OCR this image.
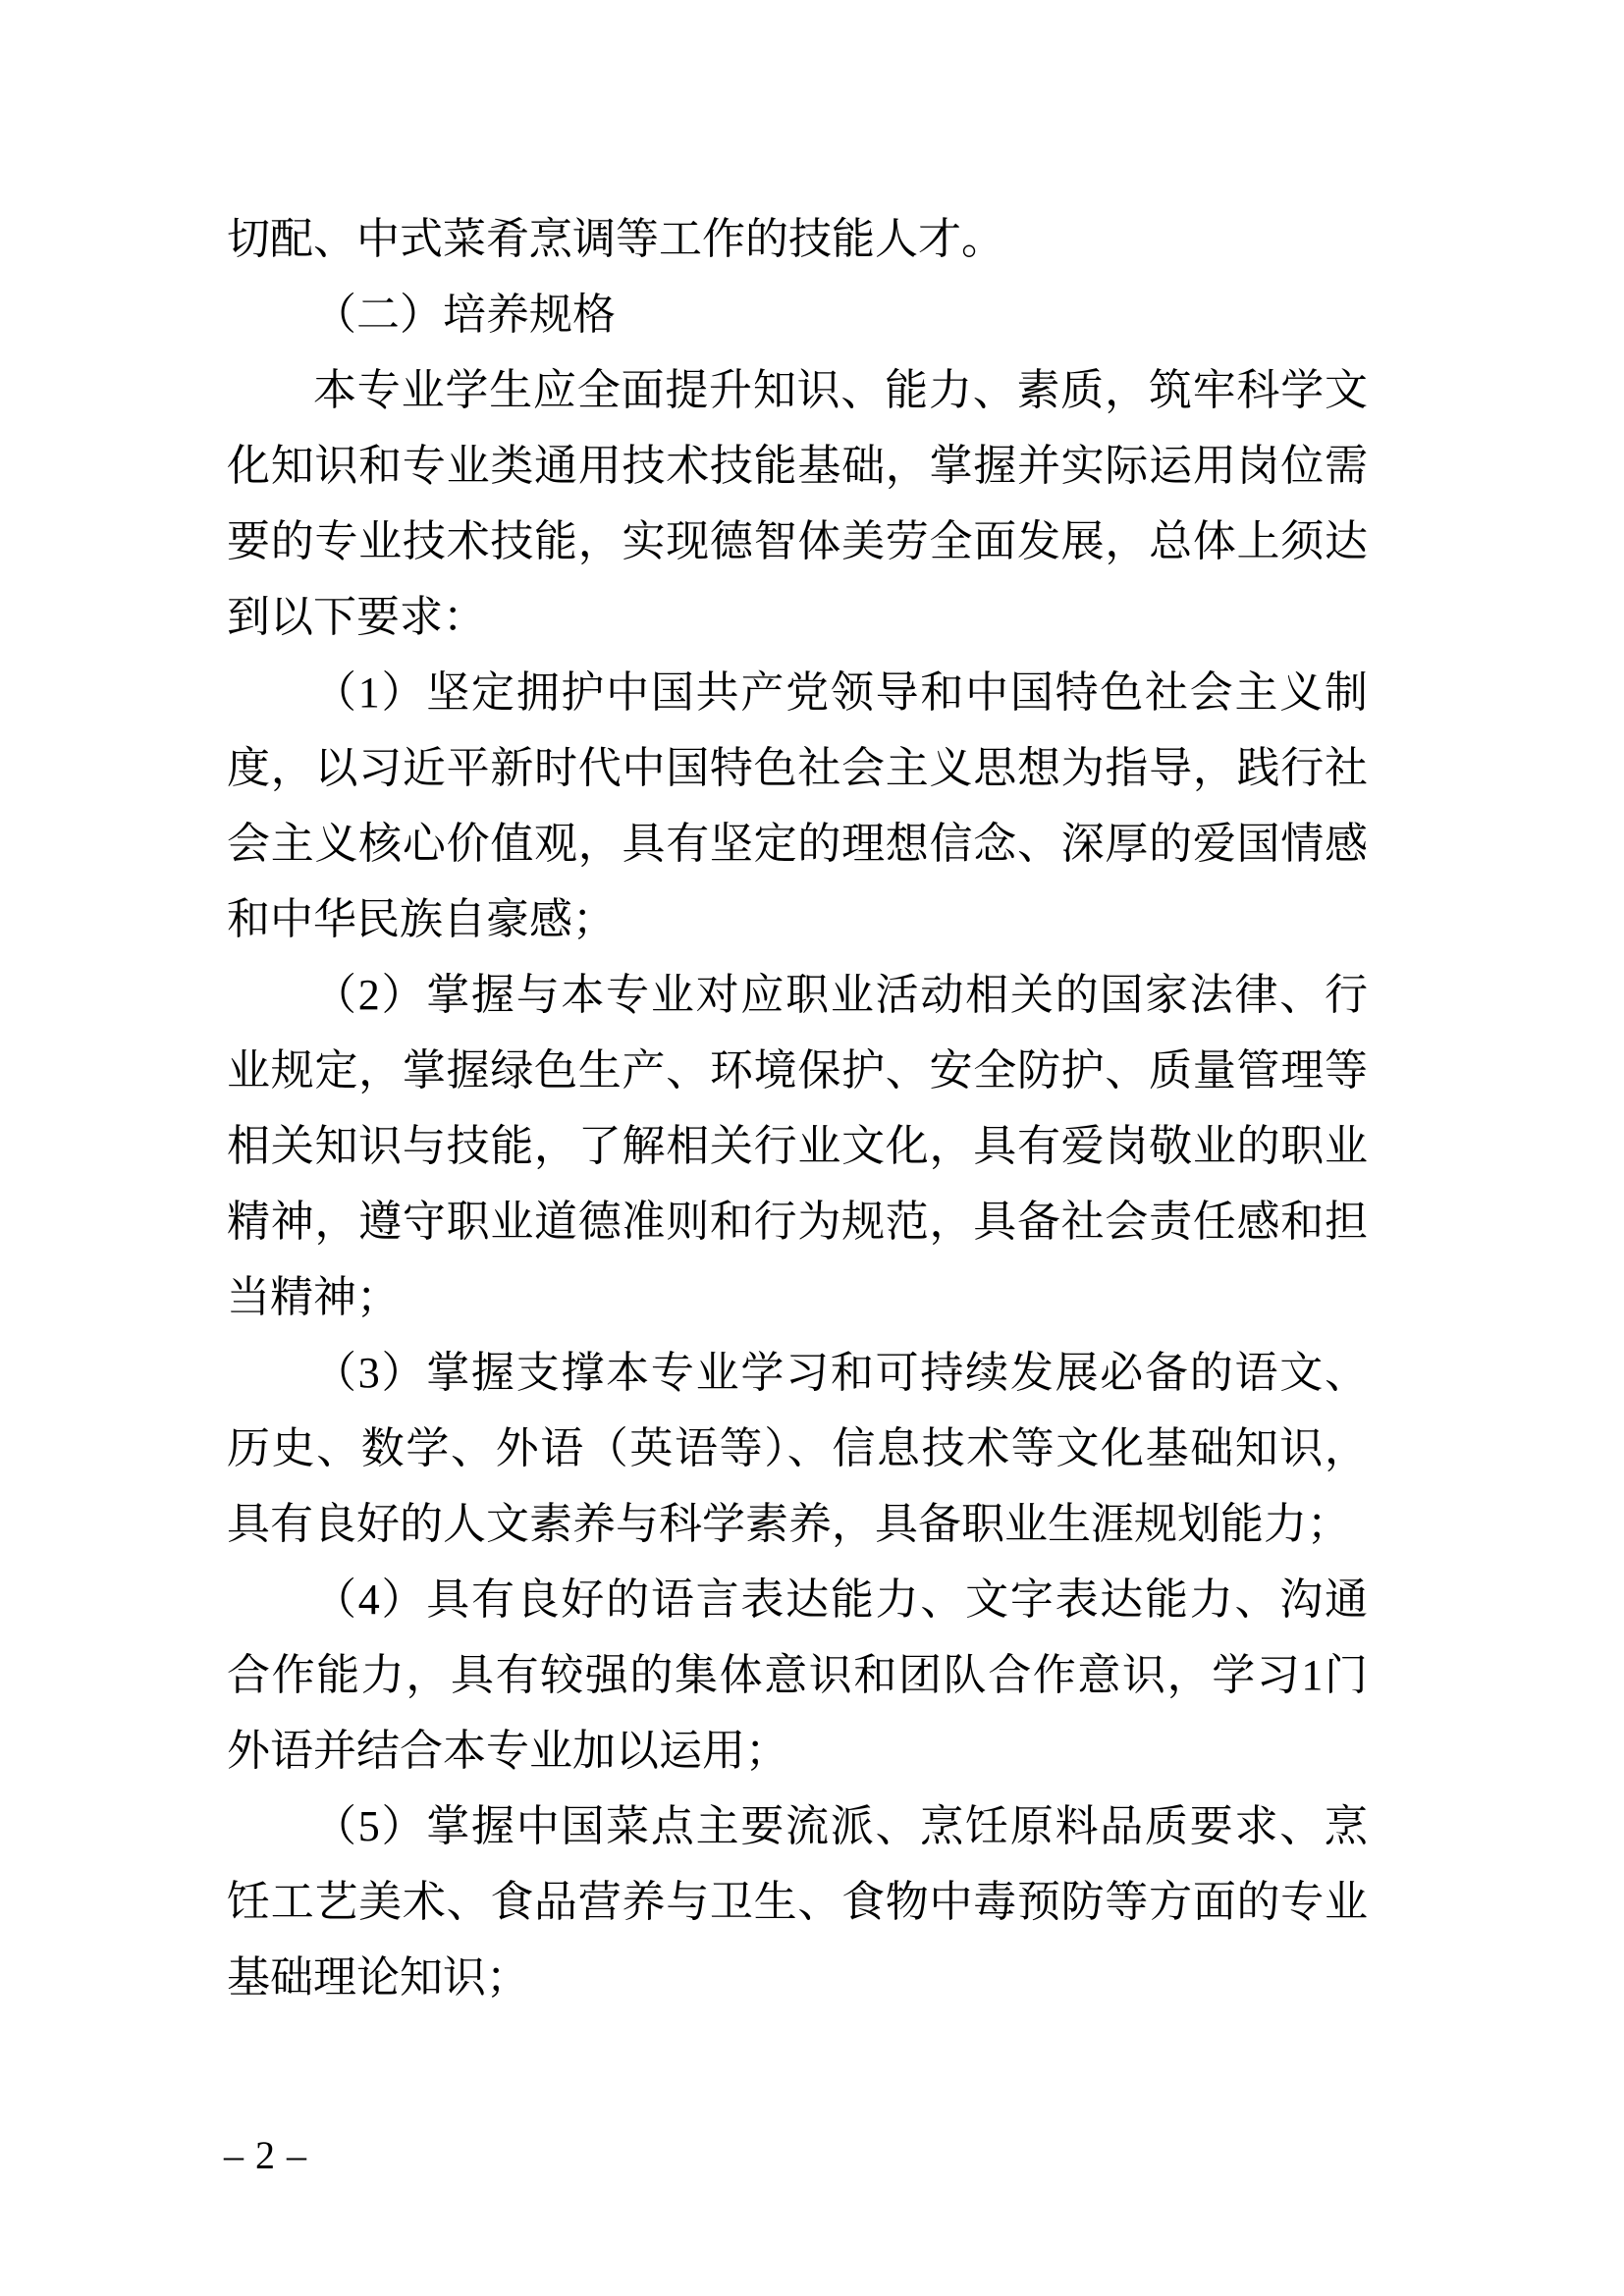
切配、中式菜肴烹调等工作的技能人才。

（二）培养规格

本专业学生应全面提升知识、能力、素质，筑牢科学文化知识和专业类通用技术技能基础，掌握并实际运用岗位需要的专业技术技能，实现德智体美劳全面发展，总体上须达到以下要求：

（1）坚定拥护中国共产党领导和中国特色社会主义制度，以习近平新时代中国特色社会主义思想为指导，践行社会主义核心价值观，具有坚定的理想信念、深厚的爱国情感和中华民族自豪感；

（2）掌握与本专业对应职业活动相关的国家法律、行业规定，掌握绿色生产、环境保护、安全防护、质量管理等相关知识与技能，了解相关行业文化，具有爱岗敬业的职业精神，遵守职业道德准则和行为规范，具备社会责任感和担当精神；

（3）掌握支撑本专业学习和可持续发展必备的语文、历史、数学、外语（英语等）、信息技术等文化基础知识，具有良好的人文素养与科学素养，具备职业生涯规划能力；

（4）具有良好的语言表达能力、文字表达能力、沟通合作能力，具有较强的集体意识和团队合作意识，学习1门外语并结合本专业加以运用；

（5）掌握中国菜点主要流派、烹饪原料品质要求、烹饪工艺美术、食品营养与卫生、食物中毒预防等方面的专业基础理论知识；

– 2 –
